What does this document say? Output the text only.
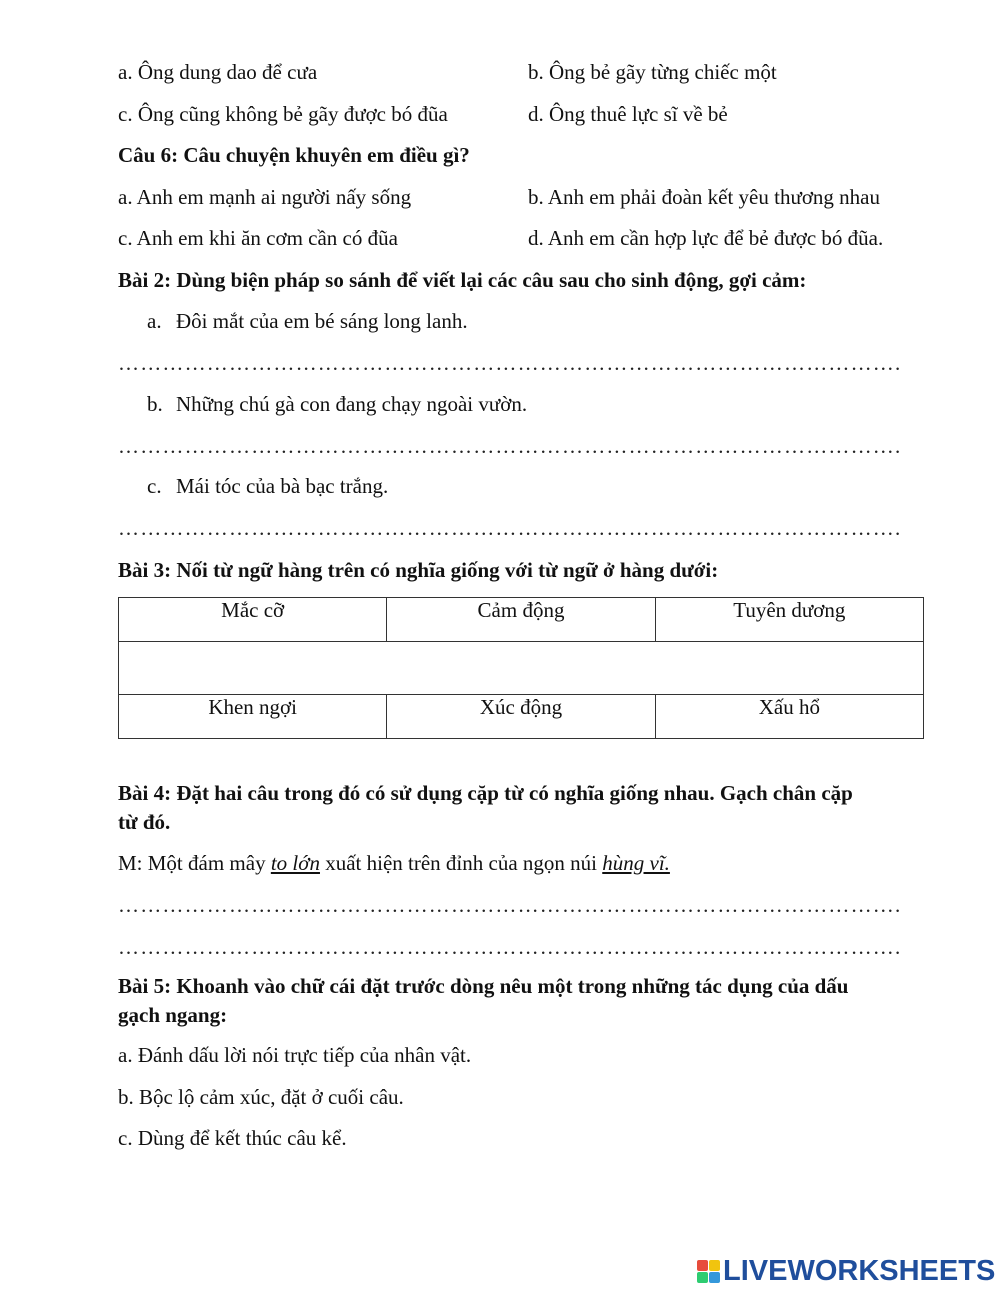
a. Ông dung dao để cưa	b. Ông bẻ gãy từng chiếc một
c. Ông cũng không bẻ gãy được bó đũa	d. Ông thuê lực sĩ về bẻ
Câu 6: Câu chuyện khuyên em điều gì?
a. Anh em mạnh ai người nấy sống	b. Anh em phải đoàn kết yêu thương nhau
c. Anh em khi ăn cơm cần có đũa	d. Anh em cần hợp lực để bẻ được bó đũa.
Bài 2: Dùng biện pháp so sánh để viết lại các câu sau cho sinh động, gợi cảm:
a. Đôi mắt của em bé sáng long lanh.
…………………………………………………………………………………………….
b. Những chú gà con đang chạy ngoài vườn.
…………………………………………………………………………………………….
c. Mái tóc của bà bạc trắng.
…………………………………………………………………………………………….
Bài 3: Nối từ ngữ hàng trên có nghĩa giống với từ ngữ ở hàng dưới:
Mắc cỡ	Cảm động	Tuyên dương

Khen ngợi	Xúc động	Xấu hổ
Bài 4: Đặt hai câu trong đó có sử dụng cặp từ có nghĩa giống nhau. Gạch chân cặp
từ đó.
M: Một đám mây to lớn xuất hiện trên đỉnh của ngọn núi hùng vĩ.
…………………………………………………………………………………………….
…………………………………………………………………………………………….
Bài 5: Khoanh vào chữ cái đặt trước dòng nêu một trong những tác dụng của dấu
gạch ngang:
a. Đánh dấu lời nói trực tiếp của nhân vật.
b. Bộc lộ cảm xúc, đặt ở cuối câu.
c. Dùng để kết thúc câu kể.
LIVEWORKSHEETS
